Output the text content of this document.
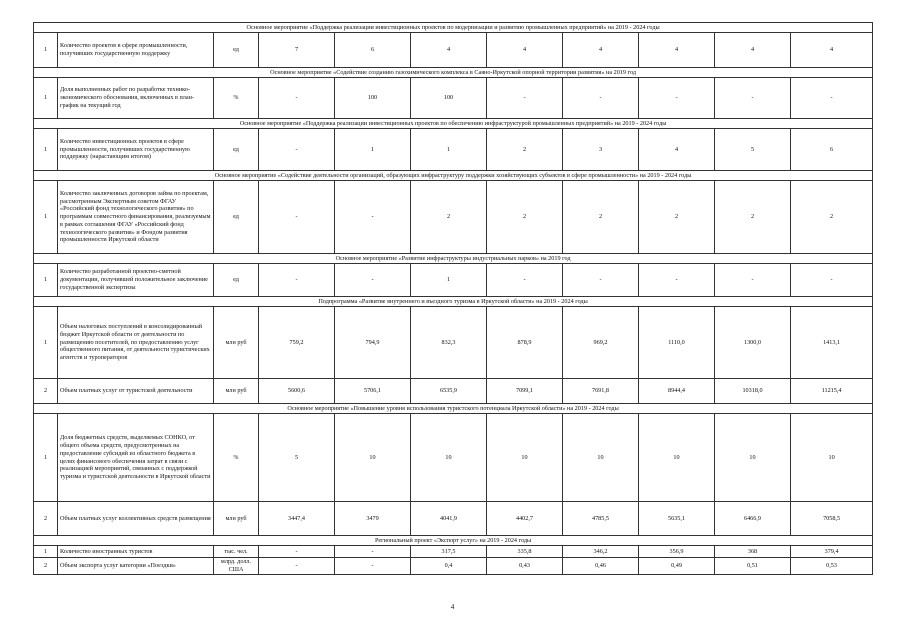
Основное мероприятие «Поддержка реализации инвестиционных проектов по модернизации и развитию промышленных предприятий» на 2019 - 2024 годы										
1	Количество проектов в сфере промышленности, получивших государственную поддержку	ед	7	6	4	4	4	4	4	4
Основное мероприятие «Содействие созданию газохимического комплекса в Саяно-Иркутской опорной территории развития» на 2019 год										
1	Доля выполненных работ по разработке технико-экономического обоснования, включенных в план-график на текущий год	%	-	100	100	-	-	-	-	-
Основное мероприятие «Поддержка реализации инвестиционных проектов по обеспечению инфраструктурой промышленных предприятий» на 2019 - 2024 годы										
1	Количество инвестиционных проектов в сфере промышленности, получивших государственную поддержку (нарастающим итогом)	ед	-	1	1	2	3	4	5	6
Основное мероприятие «Содействие деятельности организаций, образующих инфраструктуру поддержки хозяйствующих субъектов в сфере промышленности» на 2019 - 2024 годы										
1	Количество заключенных договоров займа по проектам, рассмотренным Экспертным советом ФГАУ «Российский фонд технологического развития» по программам совместного финансирования, реализуемым в рамках соглашения ФГАУ «Российский фонд технологического развития» и Фондом развития промышленности Иркутской области	ед	-	-	2	2	2	2	2	2
Основное мероприятие «Развитие инфраструктуры индустриальных парков» на 2019 год										
1	Количество разработанной проектно-сметной документации, получившей положительное заключение государственной экспертизы	ед	-	-	1	-	-	-	-	-
Подпрограмма «Развитие внутреннего и въездного туризма в Иркутской области» на 2019 - 2024 годы										
1	Объем налоговых поступлений в консолидированный бюджет Иркутской области от деятельности по размещению посетителей, по предоставлению услуг общественного питания, от деятельности туристических агентств и туроператоров	млн руб	759,2	794,9	832,3	878,9	969,2	1110,0	1300,0	1413,1
2	Объем платных услуг от туристской деятельности	млн руб	5600,6	5706,1	6535,9	7099,1	7691,8	8944,4	10318,0	11215,4
Основное мероприятие «Повышение уровня использования туристского потенциала Иркутской области» на 2019 - 2024 годы										
1	Доля бюджетных средств, выделяемых СОНКО, от общего объема средств, предусмотренных на предоставление субсидий из областного бюджета в целях финансового обеспечения затрат в связи с реализацией мероприятий, связанных с поддержкой туризма и туристской деятельности в Иркутской области	%	5	10	10	10	10	10	10	10
2	Объем платных услуг коллективных средств размещения	млн руб	3447,4	3479	4041,9	4402,7	4785,5	5635,1	6466,9	7058,5
Региональный проект «Экспорт услуг» на 2019 - 2024 годы										
1	Количество иностранных туристов	тыс. чел.	-	-	317,5	335,8	346,2	356,9	368	379,4
2	Объем экспорта услуг категории «Поездки»	млрд. долл. США	-	-	0,4	0,43	0,46	0,49	0,51	0,53
4
